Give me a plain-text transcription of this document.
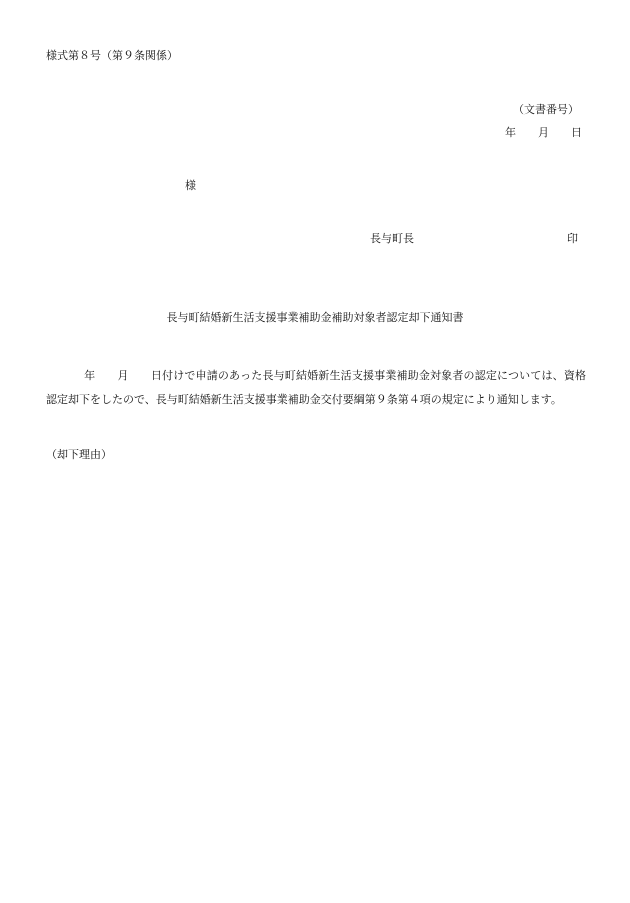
様式第８号（第９条関係）
（文書番号）
年 月 日
様
長与町長	印
長与町結婚新生活支援事業補助金補助対象者認定却下通知書
年 月 日付けで申請のあった長与町結婚新生活支援事業補助金対象者の認定については、資格認定却下をしたので、長与町結婚新生活支援事業補助金交付要綱第９条第４項の規定により通知します。
（却下理由）
